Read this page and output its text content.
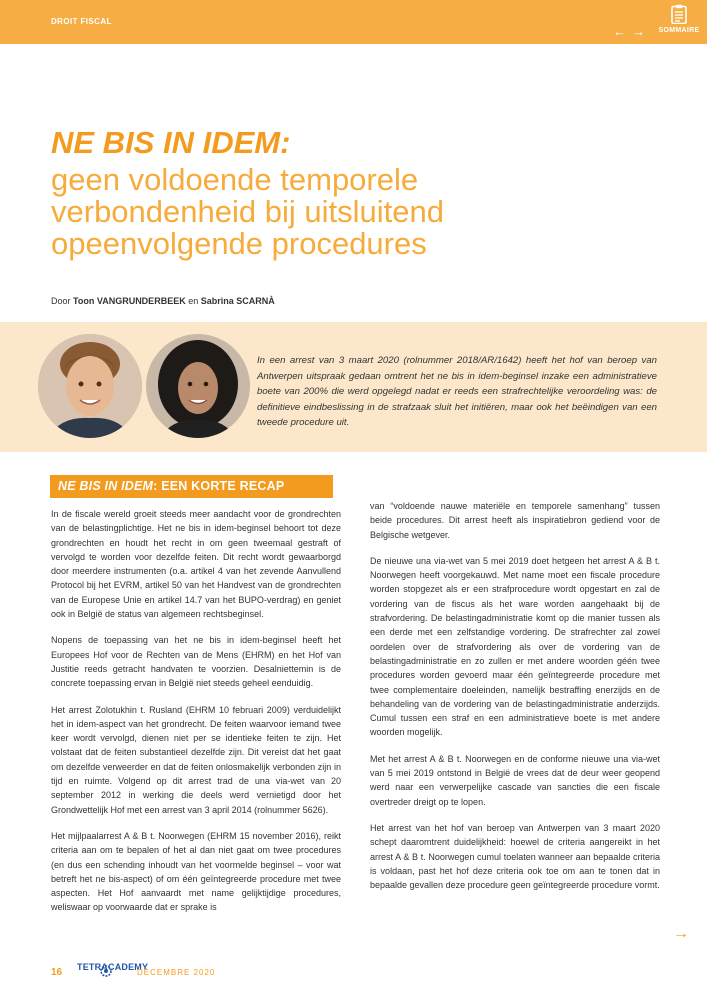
DROIT FISCAL
← →	SOMMAIRE
NE BIS IN IDEM:
geen voldoende temporele
verbondenheid bij uitsluitend
opeenvolgende procedures
Door Toon VANGRUNDERBEEK en Sabrina SCARNÀ

In een arrest van 3 maart 2020 (rolnummer 2018/AR/1642) heeft het hof van beroep van Antwerpen uitspraak gedaan omtrent het ne bis in idem-beginsel inzake een administratieve boete van 200% die werd opgelegd nadat er reeds een strafrechtelijke veroordeling was: de definitieve eindbeslissing in de strafzaak sluit het initiëren, maar ook het beëindigen van een tweede procedure uit.

NE BIS IN IDEM: EEN KORTE RECAP

In de fiscale wereld groeit steeds meer aandacht voor de grondrechten van de belastingplichtige. Het ne bis in idem-beginsel behoort tot deze grondrechten en houdt het recht in om geen tweemaal gestraft of vervolgd te worden voor dezelfde feiten. Dit recht wordt gewaarborgd door meerdere instrumenten (o.a. artikel 4 van het zevende Aanvullend Protocol bij het EVRM, artikel 50 van het Handvest van de grondrechten van de Europese Unie en artikel 14.7 van het BUPO-verdrag) en geniet ook in België de status van algemeen rechtsbeginsel.

Nopens de toepassing van het ne bis in idem-beginsel heeft het Europees Hof voor de Rechten van de Mens (EHRM) en het Hof van Justitie reeds getracht handvaten te voorzien. Desalniettemin is de concrete toepassing ervan in België niet steeds geheel eenduidig.

Het arrest Zolotukhin t. Rusland (EHRM 10 februari 2009) verduidelijkt het in idem-aspect van het grondrecht. De feiten waarvoor iemand twee keer wordt vervolgd, dienen niet per se identieke feiten te zijn. Het volstaat dat de feiten substantieel dezelfde zijn. Dit vereist dat het gaat om dezelfde verweerder en dat de feiten onlosmakelijk verbonden zijn in tijd en ruimte. Volgend op dit arrest trad de una via-wet van 20 september 2012 in werking die deels werd vernietigd door het Grondwettelijk Hof met een arrest van 3 april 2014 (rolnummer 5626).

Het mijlpaalarrest A & B t. Noorwegen (EHRM 15 november 2016), reikt criteria aan om te bepalen of het al dan niet gaat om twee procedures (en dus een schending inhoudt van het voormelde beginsel – voor wat betreft het ne bis-aspect) of om één geïntegreerde procedure met twee aspecten. Het Hof aanvaardt met name gelijktijdige procedures, weliswaar op voorwaarde dat er sprake is

van “voldoende nauwe materiële en temporele samenhang” tussen beide procedures. Dit arrest heeft als inspiratiebron gediend voor de Belgische wetgever.

De nieuwe una via-wet van 5 mei 2019 doet hetgeen het arrest A & B t. Noorwegen heeft voorgekauwd. Met name moet een fiscale procedure worden stopgezet als er een strafprocedure wordt opgestart en zal de vordering van de fiscus als het ware worden aangehaakt bij de strafvordering. De belastingadministratie komt op die manier tussen als een derde met een zelfstandige vordering. De strafrechter zal zowel oordelen over de strafvordering als over de vordering van de belastingadministratie en zo zullen er met andere woorden géén twee procedures worden gevoerd maar één geïntegreerde procedure met twee complementaire doeleinden, namelijk bestraffing enerzijds en de behandeling van de vordering van de belastingadministratie anderzijds. Cumul tussen een straf en een administratieve boete is met andere woorden mogelijk.

Met het arrest A & B t. Noorwegen en de conforme nieuwe una via-wet van 5 mei 2019 ontstond in België de vrees dat de deur weer geopend werd naar een verwerpelijke cascade van sancties die een fiscale overtreder dreigt op te lopen.

Het arrest van het hof van beroep van Antwerpen van 3 maart 2020 schept daaromtrent duidelijkheid: hoewel de criteria aangereikt in het arrest A & B t. Noorwegen cumul toelaten wanneer aan bepaalde criteria is voldaan, past het hof deze criteria ook toe om aan te tonen dat in bepaalde gevallen deze procedure geen geïntegreerde procedure vormt.

→
16 TETRACADEMY
DÉCEMBRE 2020
